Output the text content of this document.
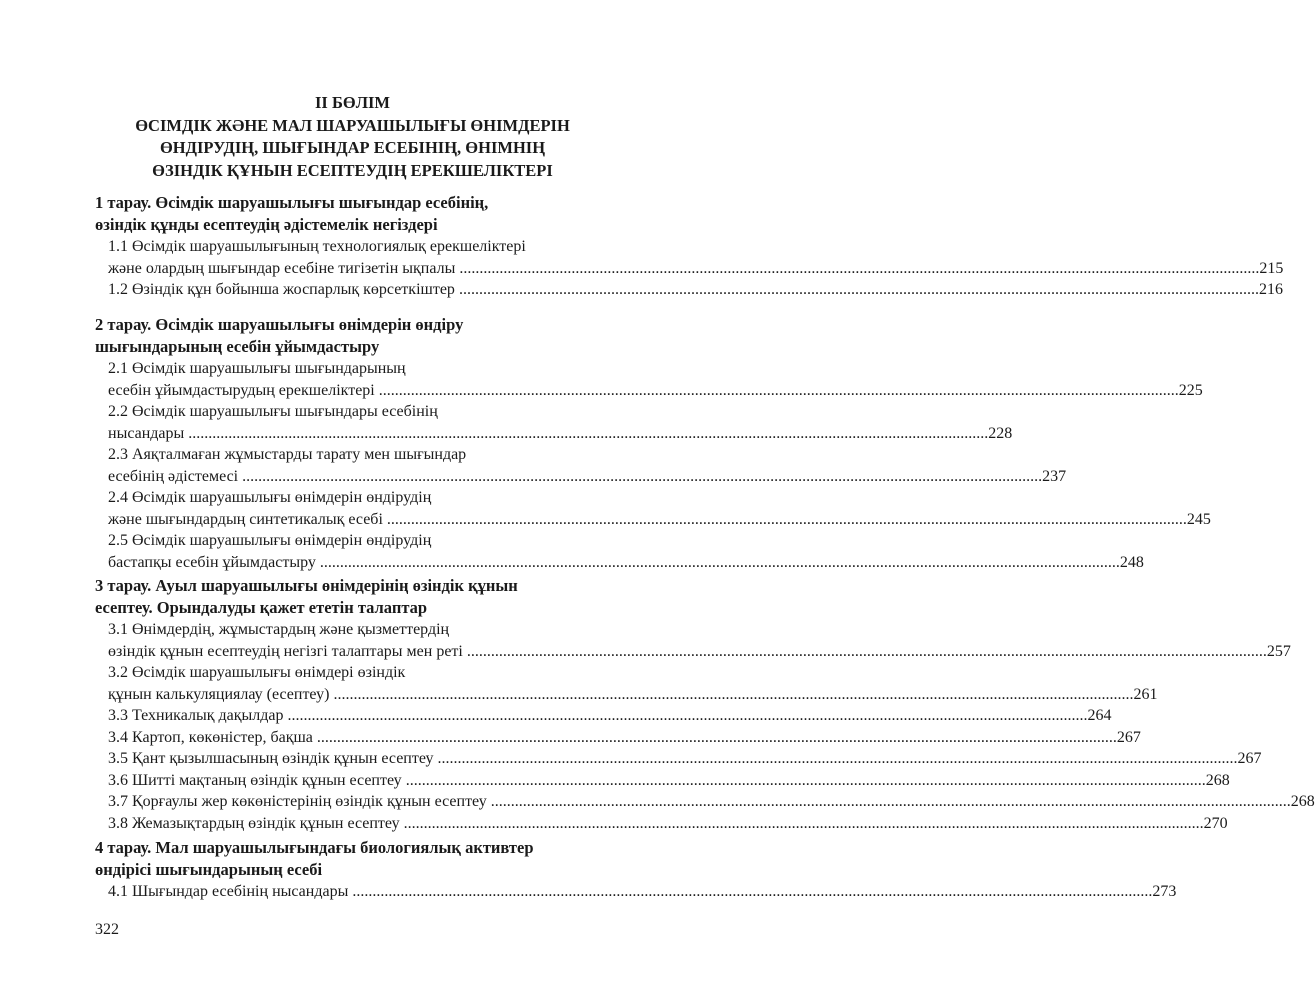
II БӨЛІМ
ӨСІМДІК ЖӘНЕ МАЛ ШАРУАШЫЛЫҒЫ ӨНІМДЕРІН
ӨНДІРУДІҢ, ШЫҒЫНДАР ЕСЕБІНІҢ, ӨНІМНІҢ
ӨЗІНДІК ҚҰНЫН ЕСЕПТЕУДІҢ ЕРЕКШЕЛІКТЕРІ
1 тарау. Өсімдік шаруашылығы шығындар есебінің,
өзіндік құнды есептеудің әдістемелік негіздері
1.1 Өсімдік шаруашылығының технологиялық ерекшеліктері
және олардың шығындар есебіне тигізетін ықпалы ........................................................................................................................................................................................................ 215
1.2 Өзіндік құн бойынша жоспарлық көрсеткіштер ........................................................................................................................................................................................................ 216
2 тарау. Өсімдік шаруашылығы өнімдерін өндіру
шығындарының есебін ұйымдастыру
2.1 Өсімдік шаруашылығы шығындарының
есебін ұйымдастырудың ерекшеліктері ........................................................................................................................................................................................................ 225
2.2 Өсімдік шаруашылығы шығындары есебінің
нысандары ........................................................................................................................................................................................................ 228
2.3 Аяқталмаған жұмыстарды тарату мен шығындар
есебінің әдістемесі ........................................................................................................................................................................................................ 237
2.4 Өсімдік шаруашылығы өнімдерін өндірудің
және шығындардың синтетикалық есебі ........................................................................................................................................................................................................ 245
2.5 Өсімдік шаруашылығы өнімдерін өндірудің
бастапқы есебін ұйымдастыру ........................................................................................................................................................................................................ 248
3 тарау. Ауыл шаруашылығы өнімдерінің өзіндік құнын
есептеу. Орындалуды қажет ететін талаптар
3.1 Өнімдердің, жұмыстардың және қызметтердің
өзіндік құнын есептеудің негізгі талаптары мен реті ........................................................................................................................................................................................................ 257
3.2 Өсімдік шаруашылығы өнімдері өзіндік
құнын калькуляциялау (есептеу) ........................................................................................................................................................................................................ 261
3.3 Техникалық дақылдар ........................................................................................................................................................................................................ 264
3.4 Картоп, көкөністер, бақша ........................................................................................................................................................................................................ 267
3.5 Қант қызылшасының өзіндік құнын есептеу ........................................................................................................................................................................................................ 267
3.6 Шитті мақтаның өзіндік құнын есептеу ........................................................................................................................................................................................................ 268
3.7 Қорғаулы жер көкөністерінің өзіндік құнын есептеу ........................................................................................................................................................................................................ 268
3.8 Жемазықтардың өзіндік құнын есептеу ........................................................................................................................................................................................................ 270
4 тарау. Мал шаруашылығындағы биологиялық активтер
өндірісі шығындарының есебі
4.1 Шығындар есебінің нысандары ........................................................................................................................................................................................................ 273
322
